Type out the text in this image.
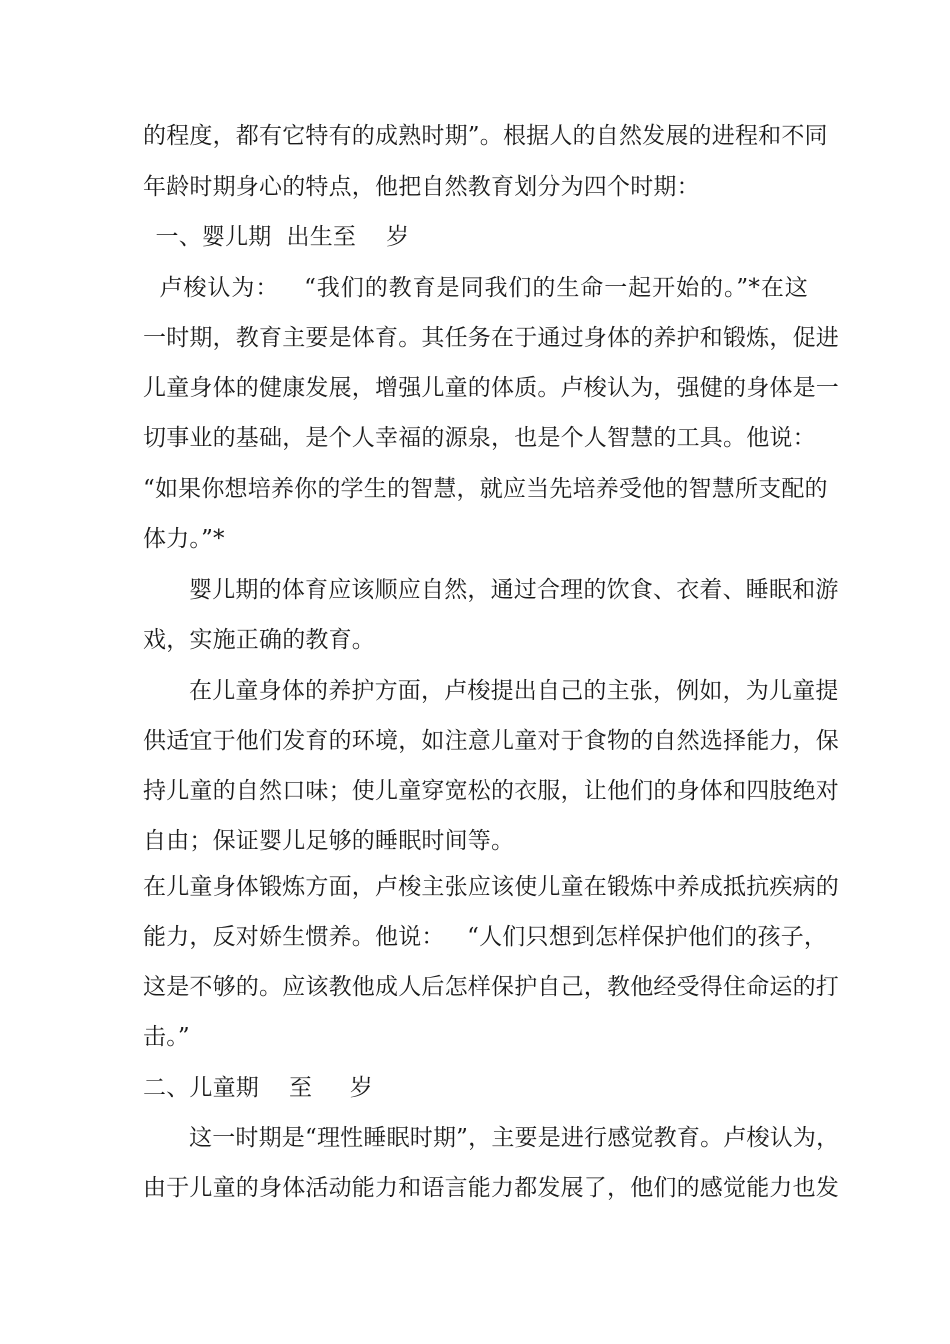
的程度，都有它特有的成熟时期”。根据人的自然发展的进程和不同
年龄时期身心的特点，他把自然教育划分为四个时期：
一、婴儿期  出生至    岁
卢梭认为：   “我们的教育是同我们的生命一起开始的。”*在这
一时期，教育主要是体育。其任务在于通过身体的养护和锻炼，促进
儿童身体的健康发展，增强儿童的体质。卢梭认为，强健的身体是一
切事业的基础，是个人幸福的源泉，也是个人智慧的工具。他说：
“如果你想培养你的学生的智慧，就应当先培养受他的智慧所支配的
体力。”*
婴儿期的体育应该顺应自然，通过合理的饮食、衣着、睡眠和游
戏，实施正确的教育。
在儿童身体的养护方面，卢梭提出自己的主张，例如，为儿童提
供适宜于他们发育的环境，如注意儿童对于食物的自然选择能力，保
持儿童的自然口味；使儿童穿宽松的衣服，让他们的身体和四肢绝对
自由；保证婴儿足够的睡眠时间等。
在儿童身体锻炼方面，卢梭主张应该使儿童在锻炼中养成抵抗疾病的
能力，反对娇生惯养。他说：   “人们只想到怎样保护他们的孩子，
这是不够的。应该教他成人后怎样保护自己，教他经受得住命运的打
击。”
二、儿童期    至     岁
这一时期是“理性睡眠时期”，主要是进行感觉教育。卢梭认为，
由于儿童的身体活动能力和语言能力都发展了，他们的感觉能力也发
